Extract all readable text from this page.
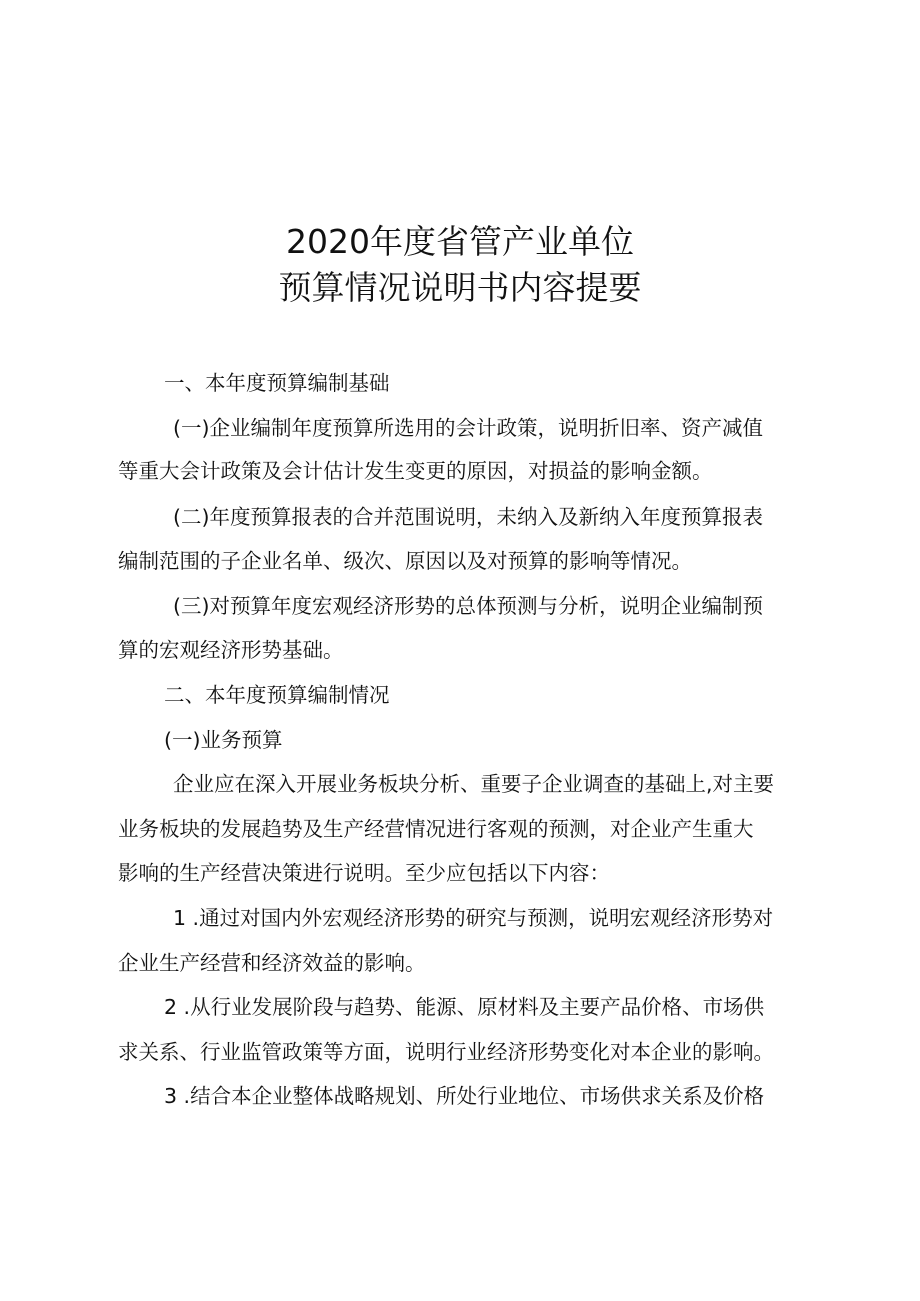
2020年度省管产业单位
预算情况说明书内容提要
一、本年度预算编制基础
(一)企业编制年度预算所选用的会计政策，说明折旧率、资产减值
等重大会计政策及会计估计发生变更的原因，对损益的影响金额。
(二)年度预算报表的合并范围说明，未纳入及新纳入年度预算报表
编制范围的子企业名单、级次、原因以及对预算的影响等情况。
(三)对预算年度宏观经济形势的总体预测与分析，说明企业编制预
算的宏观经济形势基础。
二、本年度预算编制情况
(一)业务预算
企业应在深入开展业务板块分析、重要子企业调查的基础上,对主要
业务板块的发展趋势及生产经营情况进行客观的预测，对企业产生重大
影响的生产经营决策进行说明。至少应包括以下内容：
1 .通过对国内外宏观经济形势的研究与预测，说明宏观经济形势对
企业生产经营和经济效益的影响。
2 .从行业发展阶段与趋势、能源、原材料及主要产品价格、市场供
求关系、行业监管政策等方面，说明行业经济形势变化对本企业的影响。
3 .结合本企业整体战略规划、所处行业地位、市场供求关系及价格
